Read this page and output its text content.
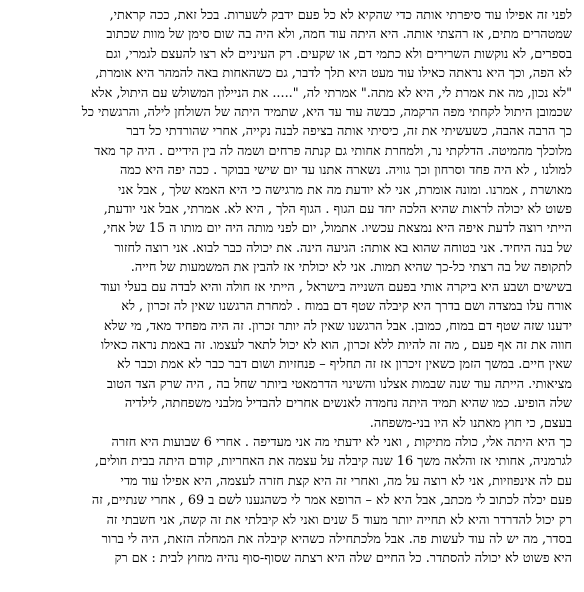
לפני זה אפילו עוד סיפרתי אותה כדי שהקיא לא כל פעם ידבק לשערות. בכל זאת, ככה קראתי,
שמטהרים מתים, אז רהצתי אותה. היא היתה עוד חמה, ולא היה בה שום סימן של מוות שכתוב
בספרים, לא נוקשות השרירים ולא כתמי דם, או שקעים. רק העיניים לא רצו להעצם לגמרי, וגם
לא הפה, וכך היא נראתה כאילו עוד מעט היא תלך לדבר, גם כשהאחות באה להמהר היא אומרת,
"לא נכון, מה את אמרת לי, היא לא מתה." אמרתי לה, "..... את הניילון המשולש עם היתול, אלא
שכמובן היתול לקחתי מפה הרקמה, כבשה עוד עד היא, שתמיד היתה של השולחן לילה, והרגשתי כל
כך הרבה אהבה, כשעשיתי את זה, כיסיתי אותה בציפה לבנה נקייה, אחרי שהורדתי כל דבר
מלוכלך מהמיטה. הדלקתי נר, ולמחרת אחותי גם קנתה פרחים ושמה לה בין הידיים . היה קר מאד
למולנו , לא היה פחד וסרחון וכך גוויה. נשארה אתנו עד יום שישי בבוקר . ככה יפה היא כמה
מאושרת , אמרנו. ומונה אומרת, אני לא יודעת מה את מרגישה כי היא האמא שלך , אבל אני
פשוט לא יכולה לראות שהיא הלכה יחד עם הגוף . הגוף הלך , היא לא. אמרתי, אבל אני יודעת,
הייתי רוצה לדעת איפה היא נמצאת עכשיו. אתמול, יום לפני מותה היה יום מותו ה 15 של אחי,
של בנה היחיד. אני בטוחה שהוא בא אותה: הגיעה הינה. את יכולה כבר לבוא. אני רוצה לחזור
לתקופה של בה רצתי כל-כך שהיא תמות. אני לא יכולתי אז להבין את המשמעות של חייה.
בשישים ושבע היא ביקרה אותי בפעם השנייה בישראל , הייתי אז חולה והיא לבדה עם בעלי ועוד
אורח עלו במצדה ושם בדרך היא קיבלה שטף דם במוח . למחרת הרגשנו שאין לה זכרון , לא
ידענו שזה שטף דם במוח, כמובן. אבל הרגשנו שאין לה יותר זכרון. זה היה מפחיד מאד, מי שלא
חווה את זה אף פעם , מה זה להיות ללא זכרון, הוא לא יכול לתאר לעצמו. זה באמת נראה כאילו
שאין חיים. במשך הזמן כשאין זיכרון אז זה תחליף – פנחזיות ושום דבר כבר לא אמת וכבר לא
מציאותי. הייתה עוד שנה שבמות אצלנו והשינוי הדרמאטי ביותר שחל בה , היה שרק הצד הטוב
שלה הופיע. כמו שהיא תמיד היתה נחמדה לאנשים אחרים להבדיל מלבני משפחתה, לילדיה
בעצם, כי חוץ מאתנו לא היו בני-משפחה.
כך היא היתה אלי, כולה מתיקות , ואני לא ידעתי מה אני מעדיפה . אחרי 6 שבועות היא חזרה
לגרמניה, אחותי אז והלאה משך 16 שנה קיבלה על עצמה את האחריות, קודם היתה בבית חולים,
עם לה אינפוזיות, אני לא רוצה על מה, ואחרי זה היא קצת חזרה לעצמה, היא אפילו עוד מדי
פעם יכלה לכתוב לי מכתב, אבל היא לא – הרופא אמר לי כשהגענו לשם ב 69 , אחרי שנתיים, זה
רק יכול להדרדר והיא לא תחייה יותר מעוד 5 שנים ואני לא קיבלתי את זה קשה, אני חשבתי זה
בסדר, מה יש לה עוד לעשות פה. אבל מלכתחילה כשהיא קיבלה את המחלה הזאת, היה לי ברור
היא פשוט לא יכולה להסתדר. כל החיים שלה היא רצתה שסוף-סוף נהיה מחוץ לבית : אם רק
